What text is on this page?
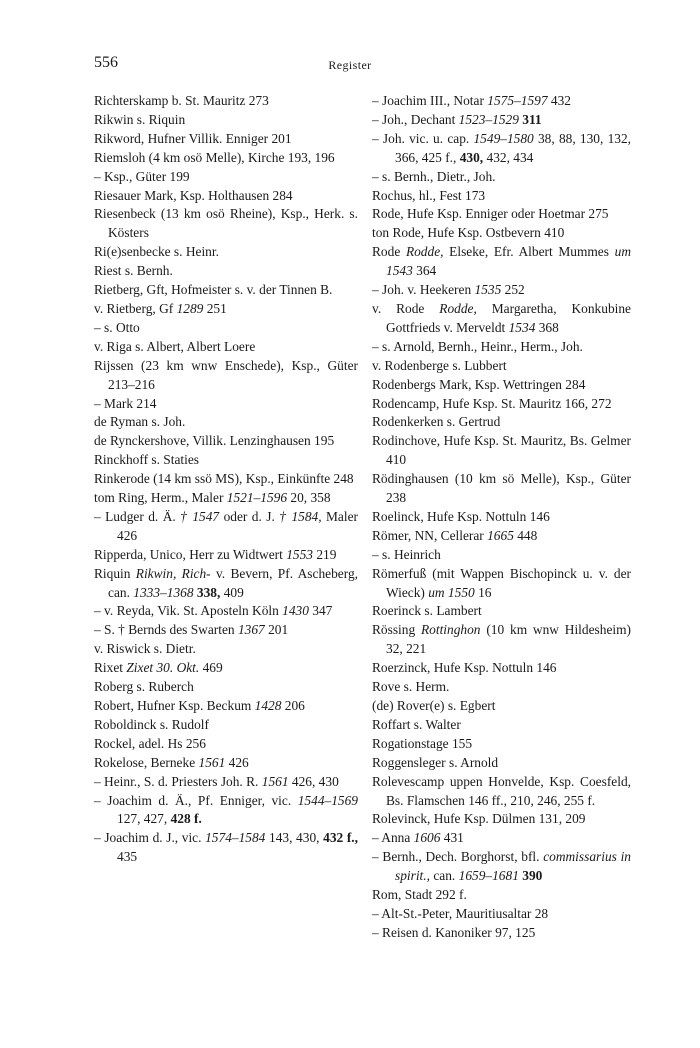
556	Register
Richterskamp b. St. Mauritz 273
Rikwin s. Riquin
Rikword, Hufner Villik. Enniger 201
Riemsloh (4 km osö Melle), Kirche 193, 196
– Ksp., Güter 199
Riesauer Mark, Ksp. Holthausen 284
Riesenbeck (13 km osö Rheine), Ksp., Herk. s. Kösters
Ri(e)senbecke s. Heinr.
Riest s. Bernh.
Rietberg, Gft, Hofmeister s. v. der Tinnen B.
v. Rietberg, Gf 1289 251
– s. Otto
v. Riga s. Albert, Albert Loere
Rijssen (23 km wnw Enschede), Ksp., Güter 213–216
– Mark 214
de Ryman s. Joh.
de Rynckershove, Villik. Lenzinghausen 195
Rinckhoff s. Staties
Rinkerode (14 km ssö MS), Ksp., Einkünfte 248
tom Ring, Herm., Maler 1521–1596 20, 358
– Ludger d. Ä. † 1547 oder d. J. † 1584, Maler 426
Ripperda, Unico, Herr zu Widtwert 1553 219
Riquin Rikwin, Rich- v. Bevern, Pf. Ascheberg, can. 1333–1368 338, 409
– v. Reyda, Vik. St. Aposteln Köln 1430 347
– S. † Bernds des Swarten 1367 201
v. Riswick s. Dietr.
Rixet Zixet 30. Okt. 469
Roberg s. Ruberch
Robert, Hufner Ksp. Beckum 1428 206
Roboldinck s. Rudolf
Rockel, adel. Hs 256
Rokelose, Berneke 1561 426
– Heinr., S. d. Priesters Joh. R. 1561 426, 430
– Joachim d. Ä., Pf. Enniger, vic. 1544–1569 127, 427, 428 f.
– Joachim d. J., vic. 1574–1584 143, 430, 432 f., 435
– Joachim III., Notar 1575–1597 432
– Joh., Dechant 1523–1529 311
– Joh. vic. u. cap. 1549–1580 38, 88, 130, 132, 366, 425 f., 430, 432, 434
– s. Bernh., Dietr., Joh.
Rochus, hl., Fest 173
Rode, Hufe Ksp. Enniger oder Hoetmar 275
ton Rode, Hufe Ksp. Ostbevern 410
Rode Rodde, Elseke, Efr. Albert Mummes um 1543 364
– Joh. v. Heekeren 1535 252
v. Rode Rodde, Margaretha, Konkubine Gottfrieds v. Merveldt 1534 368
– s. Arnold, Bernh., Heinr., Herm., Joh.
v. Rodenberge s. Lubbert
Rodenbergs Mark, Ksp. Wettringen 284
Rodencamp, Hufe Ksp. St. Mauritz 166, 272
Rodenkerken s. Gertrud
Rodinchove, Hufe Ksp. St. Mauritz, Bs. Gelmer 410
Rödinghausen (10 km sö Melle), Ksp., Güter 238
Roelinck, Hufe Ksp. Nottuln 146
Römer, NN, Cellerar 1665 448
– s. Heinrich
Römerfuß (mit Wappen Bischopinck u. v. der Wieck) um 1550 16
Roerinck s. Lambert
Rössing Rottinghon (10 km wnw Hildesheim) 32, 221
Roerzinck, Hufe Ksp. Nottuln 146
Rove s. Herm.
(de) Rover(e) s. Egbert
Roffart s. Walter
Rogationstage 155
Roggensleger s. Arnold
Rolevescamp uppen Honvelde, Ksp. Coesfeld, Bs. Flamschen 146 ff., 210, 246, 255 f.
Rolevinck, Hufe Ksp. Dülmen 131, 209
– Anna 1606 431
– Bernh., Dech. Borghorst, bfl. commissarius in spirit., can. 1659–1681 390
Rom, Stadt 292 f.
– Alt-St.-Peter, Mauritiusaltar 28
– Reisen d. Kanoniker 97, 125
